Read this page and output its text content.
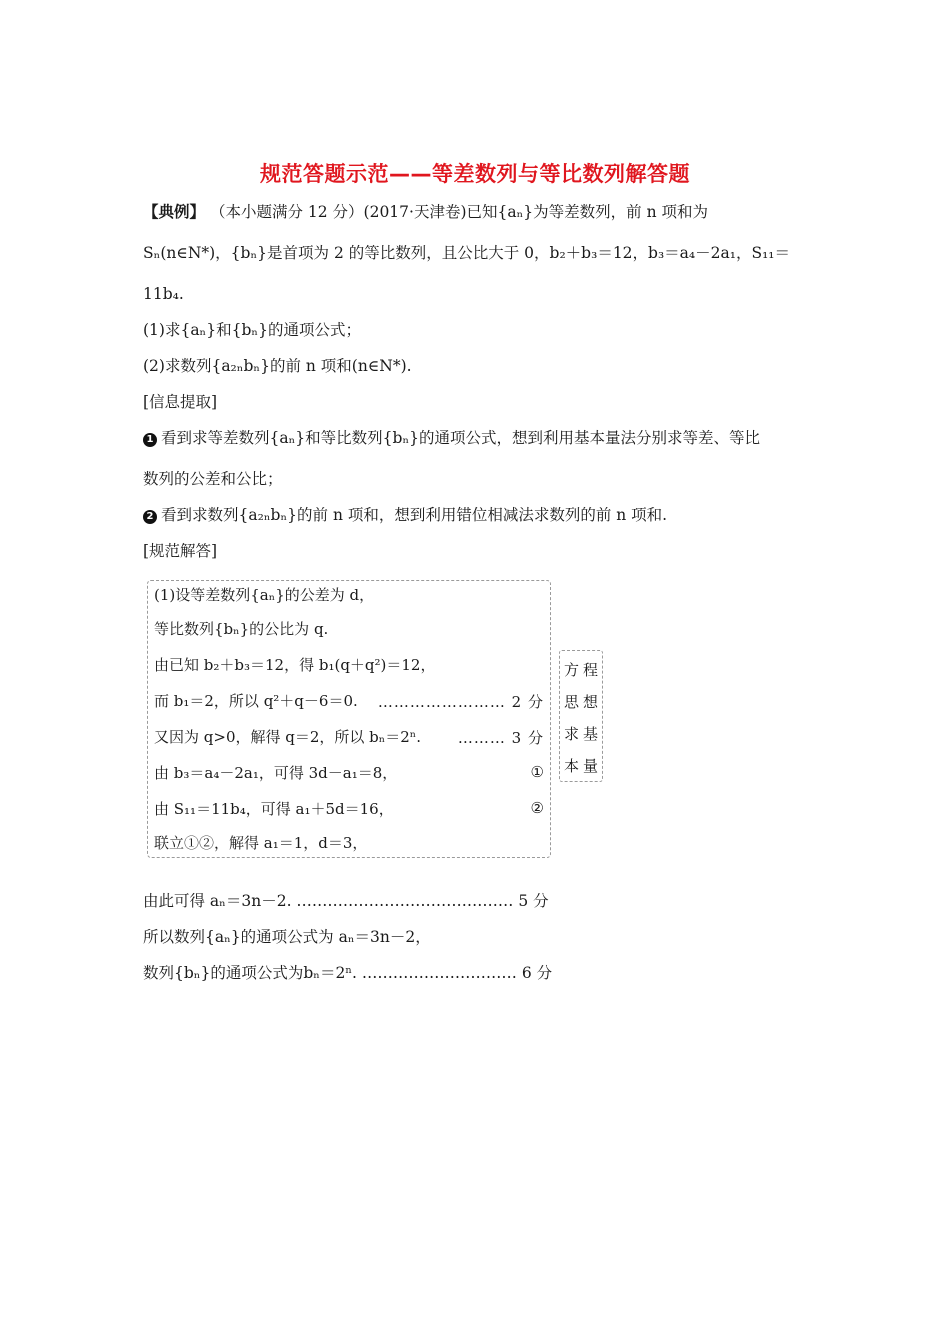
规范答题示范——等差数列与等比数列解答题
【典例】 （本小题满分 12 分）(2017·天津卷)已知{aₙ}为等差数列，前 n 项和为
Sₙ(n∈N*)，{bₙ}是首项为 2 的等比数列，且公比大于 0，b₂＋b₃＝12，b₃＝a₄－2a₁，S₁₁＝
11b₄.
(1)求{aₙ}和{bₙ}的通项公式；
(2)求数列{a₂ₙbₙ}的前 n 项和(n∈N*).
[信息提取]
1 看到求等差数列{aₙ}和等比数列{bₙ}的通项公式，想到利用基本量法分别求等差、等比
数列的公差和公比；
2 看到求数列{a₂ₙbₙ}的前 n 项和，想到利用错位相减法求数列的前 n 项和.
[规范解答]
(1)设等差数列{aₙ}的公差为 d，
等比数列{bₙ}的公比为 q.
由已知 b₂＋b₃＝12，得 b₁(q＋q²)＝12，
而 b₁＝2，所以 q²＋q－6＝0. …………………… 2 分
又因为 q>0，解得 q＝2，所以 bₙ＝2ⁿ. ……… 3 分
由 b₃＝a₄－2a₁，可得 3d－a₁＝8，	①
由 S₁₁＝11b₄，可得 a₁＋5d＝16，	②
联立①②，解得 a₁＝1，d＝3，
方程
思想
求基
本量
由此可得 aₙ＝3n－2. …………………………………… 5 分
所以数列{aₙ}的通项公式为 aₙ＝3n－2，
数列{bₙ}的通项公式为bₙ＝2ⁿ. ………………………… 6 分
